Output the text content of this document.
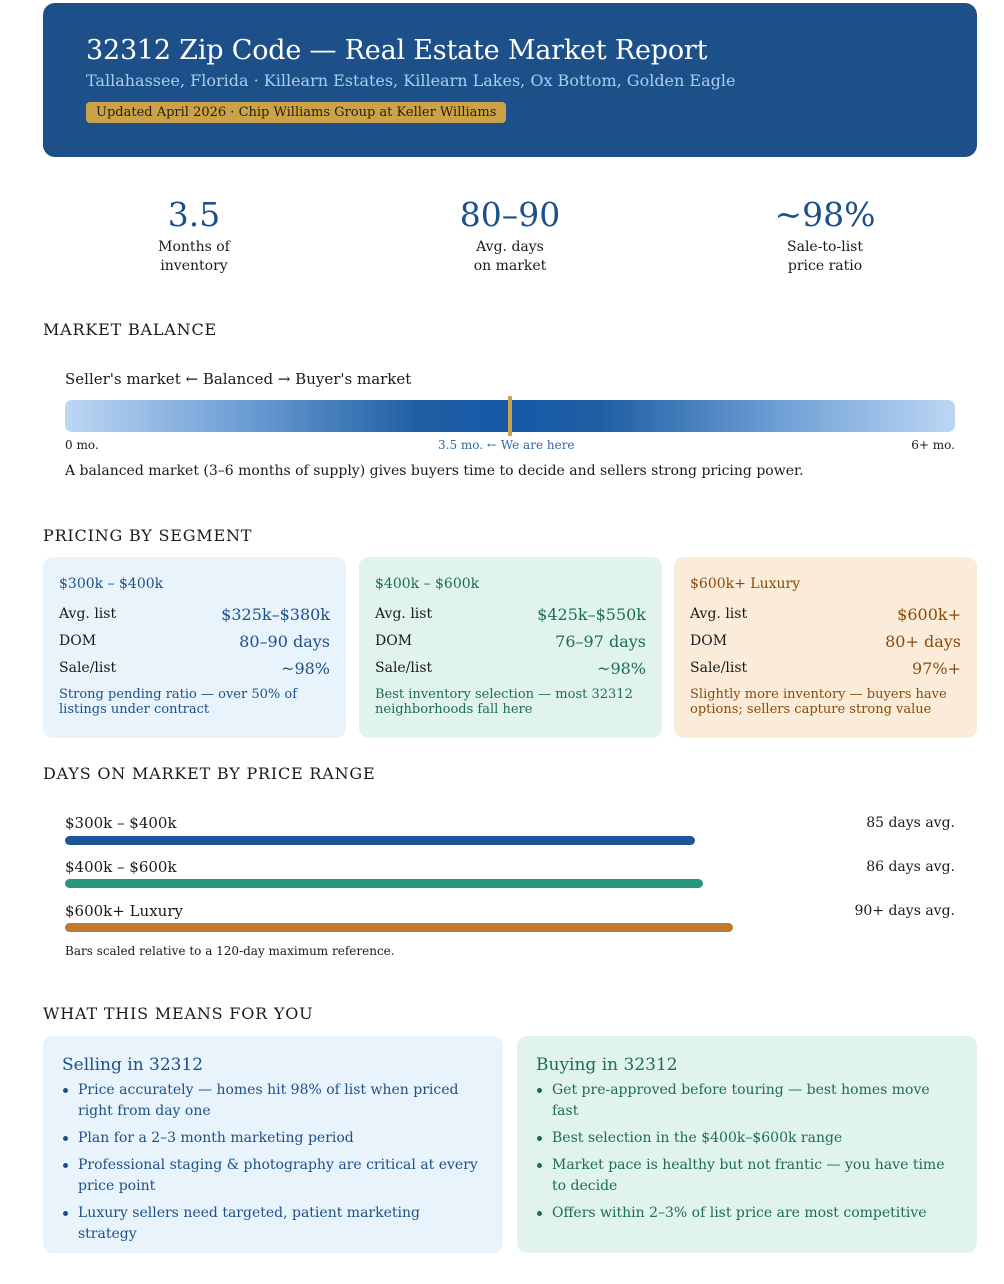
32312 Zip Code — Real Estate Market Report
Tallahassee, Florida · Killearn Estates, Killearn Lakes, Ox Bottom, Golden Eagle
Updated April 2026 · Chip Williams Group at Keller Williams
3.5
Months of
inventory
80–90
Avg. days
on market
~98%
Sale-to-list
price ratio
MARKET BALANCE
Seller's market ← Balanced → Buyer's market
0 mo.	3.5 mo. ← We are here	6+ mo.
A balanced market (3–6 months of supply) gives buyers time to decide and sellers strong pricing power.
PRICING BY SEGMENT
$300k – $400k
Avg. list	$325k–$380k
DOM	80–90 days
Sale/list	~98%
Strong pending ratio — over 50% of listings under contract
$400k – $600k
Avg. list	$425k–$550k
DOM	76–97 days
Sale/list	~98%
Best inventory selection — most 32312 neighborhoods fall here
$600k+ Luxury
Avg. list	$600k+
DOM	80+ days
Sale/list	97%+
Slightly more inventory — buyers have options; sellers capture strong value
DAYS ON MARKET BY PRICE RANGE
$300k – $400k	85 days avg.
$400k – $600k	86 days avg.
$600k+ Luxury	90+ days avg.
Bars scaled relative to a 120-day maximum reference.
WHAT THIS MEANS FOR YOU
Selling in 32312
Price accurately — homes hit 98% of list when priced right from day one
Plan for a 2–3 month marketing period
Professional staging & photography are critical at every price point
Luxury sellers need targeted, patient marketing strategy
Buying in 32312
Get pre-approved before touring — best homes move fast
Best selection in the $400k–$600k range
Market pace is healthy but not frantic — you have time to decide
Offers within 2–3% of list price are most competitive
